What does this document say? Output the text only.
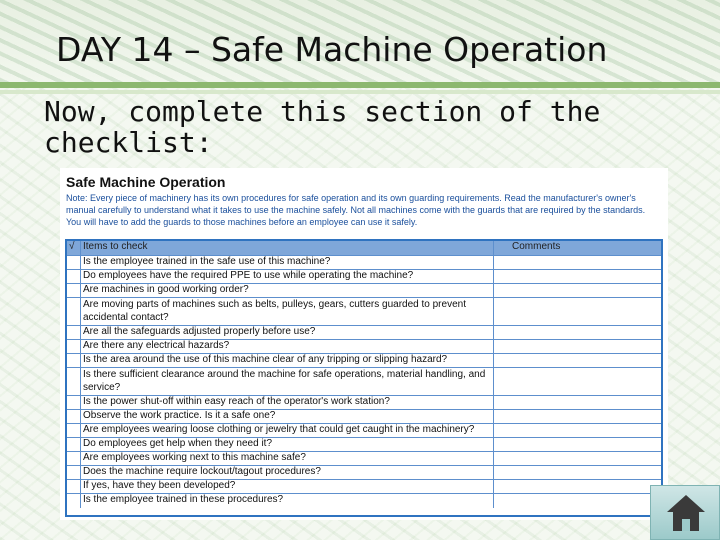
DAY 14 – Safe Machine Operation

Now, complete this section of the checklist:

Safe Machine Operation

Note: Every piece of machinery has its own procedures for safe operation and its own guarding requirements. Read the manufacturer's owner's manual carefully to understand what it takes to use the machine safely. Not all machines come with the guards that are required by the standards. You will have to add the guards to those machines before an employee can use it safely.

√ Items to check	Comments
Is the employee trained in the safe use of this machine?
Do employees have the required PPE to use while operating the machine?
Are machines in good working order?
Are moving parts of machines such as belts, pulleys, gears, cutters guarded to prevent accidental contact?
Are all the safeguards adjusted properly before use?
Are there any electrical hazards?
Is the area around the use of this machine clear of any tripping or slipping hazard?
Is there sufficient clearance around the machine for safe operations, material handling, and service?
Is the power shut-off within easy reach of the operator's work station?
Observe the work practice. Is it a safe one?
Are employees wearing loose clothing or jewelry that could get caught in the machinery?
Do employees get help when they need it?
Are employees working next to this machine safe?
Does the machine require lockout/tagout procedures?
If yes, have they been developed?
Is the employee trained in these procedures?
